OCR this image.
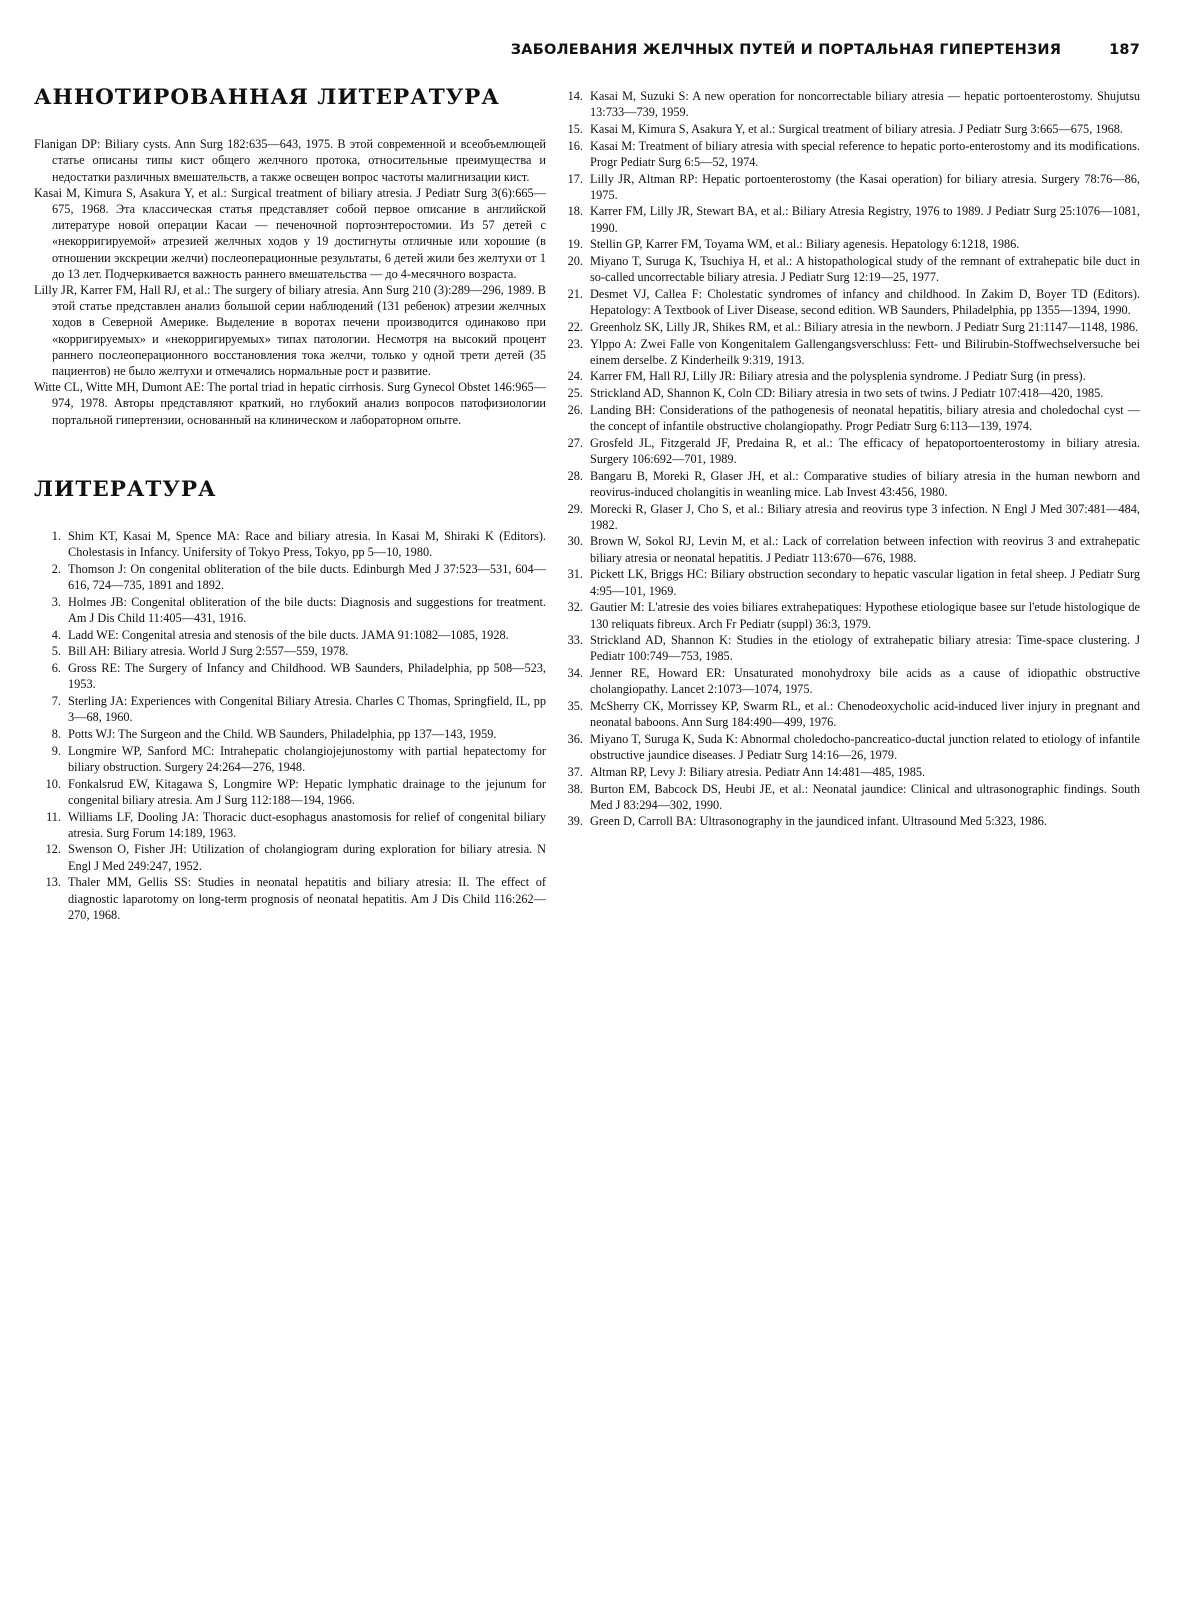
ЗАБОЛЕВАНИЯ ЖЕЛЧНЫХ ПУТЕЙ И ПОРТАЛЬНАЯ ГИПЕРТЕНЗИЯ	187
АННОТИРОВАННАЯ ЛИТЕРАТУРА

Flanigan DP: Biliary cysts. Ann Surg 182:635—643, 1975. В этой современной и всеобъемлющей статье описаны типы кист общего желчного протока, относительные преимущества и недостатки различных вмешательств, а также освещен вопрос частоты малигнизации кист.

Kasai M, Kimura S, Asakura Y, et al.: Surgical treatment of biliary atresia. J Pediatr Surg 3(6):665—675, 1968. Эта классическая статья представляет собой первое описание в английской литературе новой операции Касаи — печеночной портоэнтеростомии. Из 57 детей с «некорригируемой» атрезией желчных ходов у 19 достигнуты отличные или хорошие (в отношении экскреции желчи) послеоперационные результаты, 6 детей жили без желтухи от 1 до 13 лет. Подчеркивается важность раннего вмешательства — до 4-месячного возраста.

Lilly JR, Karrer FM, Hall RJ, et al.: The surgery of biliary atresia. Ann Surg 210 (3):289—296, 1989. В этой статье представлен анализ большой серии наблюдений (131 ребенок) атрезии желчных ходов в Северной Америке. Выделение в воротах печени производится одинаково при «корригируемых» и «некорригируемых» типах патологии. Несмотря на высокий процент раннего послеоперационного восстановления тока желчи, только у одной трети детей (35 пациентов) не было желтухи и отмечались нормальные рост и развитие.

Witte CL, Witte MH, Dumont AE: The portal triad in hepatic cirrhosis. Surg Gynecol Obstet 146:965—974, 1978. Авторы представляют краткий, но глубокий анализ вопросов патофизиологии портальной гипертензии, основанный на клиническом и лабораторном опыте.

ЛИТЕРАТУРА
1. Shim KT, Kasai M, Spence MA: Race and biliary atresia. In Kasai M, Shiraki K (Editors). Cholestasis in Infancy. Unifersity of Tokyo Press, Tokyo, pp 5—10, 1980.
2. Thomson J: On congenital obliteration of the bile ducts. Edinburgh Med J 37:523—531, 604—616, 724—735, 1891 and 1892.
3. Holmes JB: Congenital obliteration of the bile ducts: Diagnosis and suggestions for treatment. Am J Dis Child 11:405—431, 1916.
4. Ladd WE: Congenital atresia and stenosis of the bile ducts. JAMA 91:1082—1085, 1928.
5. Bill AH: Biliary atresia. World J Surg 2:557—559, 1978.
6. Gross RE: The Surgery of Infancy and Childhood. WB Saunders, Philadelphia, pp 508—523, 1953.
7. Sterling JA: Experiences with Congenital Biliary Atresia. Charles C Thomas, Springfield, IL, pp 3—68, 1960.
8. Potts WJ: The Surgeon and the Child. WB Saunders, Philadelphia, pp 137—143, 1959.
9. Longmire WP, Sanford MC: Intrahepatic cholangiojejunostomy with partial hepatectomy for biliary obstruction. Surgery 24:264—276, 1948.
10. Fonkalsrud EW, Kitagawa S, Longmire WP: Hepatic lymphatic drainage to the jejunum for congenital biliary atresia. Am J Surg 112:188—194, 1966.
11. Williams LF, Dooling JA: Thoracic duct-esophagus anastomosis for relief of congenital biliary atresia. Surg Forum 14:189, 1963.
12. Swenson O, Fisher JH: Utilization of cholangiogram during exploration for biliary atresia. N Engl J Med 249:247, 1952.
13. Thaler MM, Gellis SS: Studies in neonatal hepatitis and biliary atresia: II. The effect of diagnostic laparotomy on long-term prognosis of neonatal hepatitis. Am J Dis Child 116:262—270, 1968.
14. Kasai M, Suzuki S: A new operation for noncorrectable biliary atresia — hepatic portoenterostomy. Shujutsu 13:733—739, 1959.
15. Kasai M, Kimura S, Asakura Y, et al.: Surgical treatment of biliary atresia. J Pediatr Surg 3:665—675, 1968.
16. Kasai M: Treatment of biliary atresia with special reference to hepatic porto-enterostomy and its modifications. Progr Pediatr Surg 6:5—52, 1974.
17. Lilly JR, Altman RP: Hepatic portoenterostomy (the Kasai operation) for biliary atresia. Surgery 78:76—86, 1975.
18. Karrer FM, Lilly JR, Stewart BA, et al.: Biliary Atresia Registry, 1976 to 1989. J Pediatr Surg 25:1076—1081, 1990.
19. Stellin GP, Karrer FM, Toyama WM, et al.: Biliary agenesis. Hepatology 6:1218, 1986.
20. Miyano T, Suruga K, Tsuchiya H, et al.: A histopathological study of the remnant of extrahepatic bile duct in so-called uncorrectable biliary atresia. J Pediatr Surg 12:19—25, 1977.
21. Desmet VJ, Callea F: Cholestatic syndromes of infancy and childhood. In Zakim D, Boyer TD (Editors). Hepatology: A Textbook of Liver Disease, second edition. WB Saunders, Philadelphia, pp 1355—1394, 1990.
22. Greenholz SK, Lilly JR, Shikes RM, et al.: Biliary atresia in the newborn. J Pediatr Surg 21:1147—1148, 1986.
23. Ylppo A: Zwei Falle von Kongenitalem Gallengangsverschluss: Fett- und Bilirubin-Stoffwechselversuche bei einem derselbe. Z Kinderheilk 9:319, 1913.
24. Karrer FM, Hall RJ, Lilly JR: Biliary atresia and the polysplenia syndrome. J Pediatr Surg (in press).
25. Strickland AD, Shannon K, Coln CD: Biliary atresia in two sets of twins. J Pediatr 107:418—420, 1985.
26. Landing BH: Considerations of the pathogenesis of neonatal hepatitis, biliary atresia and choledochal cyst — the concept of infantile obstructive cholangiopathy. Progr Pediatr Surg 6:113—139, 1974.
27. Grosfeld JL, Fitzgerald JF, Predaina R, et al.: The efficacy of hepatoportoenterostomy in biliary atresia. Surgery 106:692—701, 1989.
28. Bangaru B, Moreki R, Glaser JH, et al.: Comparative studies of biliary atresia in the human newborn and reovirus-induced cholangitis in weanling mice. Lab Invest 43:456, 1980.
29. Morecki R, Glaser J, Cho S, et al.: Biliary atresia and reovirus type 3 infection. N Engl J Med 307:481—484, 1982.
30. Brown W, Sokol RJ, Levin M, et al.: Lack of correlation between infection with reovirus 3 and extrahepatic biliary atresia or neonatal hepatitis. J Pediatr 113:670—676, 1988.
31. Pickett LK, Briggs HC: Biliary obstruction secondary to hepatic vascular ligation in fetal sheep. J Pediatr Surg 4:95—101, 1969.
32. Gautier M: L'atresie des voies biliares extrahepatiques: Hypothese etiologique basee sur l'etude histologique de 130 reliquats fibreux. Arch Fr Pediatr (suppl) 36:3, 1979.
33. Strickland AD, Shannon K: Studies in the etiology of extrahepatic biliary atresia: Time-space clustering. J Pediatr 100:749—753, 1985.
34. Jenner RE, Howard ER: Unsaturated monohydroxy bile acids as a cause of idiopathic obstructive cholangiopathy. Lancet 2:1073—1074, 1975.
35. McSherry CK, Morrissey KP, Swarm RL, et al.: Chenodeoxycholic acid-induced liver injury in pregnant and neonatal baboons. Ann Surg 184:490—499, 1976.
36. Miyano T, Suruga K, Suda K: Abnormal choledocho-pancreatico-ductal junction related to etiology of infantile obstructive jaundice diseases. J Pediatr Surg 14:16—26, 1979.
37. Altman RP, Levy J: Biliary atresia. Pediatr Ann 14:481—485, 1985.
38. Burton EM, Babcock DS, Heubi JE, et al.: Neonatal jaundice: Clinical and ultrasonographic findings. South Med J 83:294—302, 1990.
39. Green D, Carroll BA: Ultrasonography in the jaundiced infant. Ultrasound Med 5:323, 1986.
